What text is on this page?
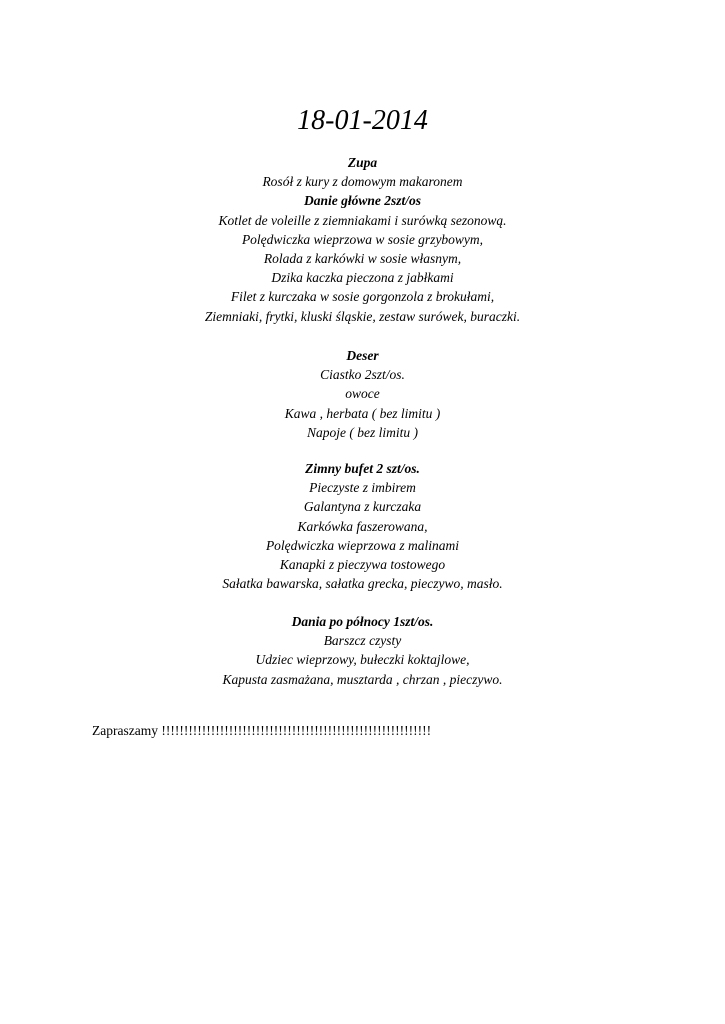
18-01-2014
Zupa
Rosół z kury z domowym makaronem
Danie główne 2szt/os
Kotlet de voleille z ziemniakami i surówką sezonową.
Polędwiczka wieprzowa w sosie grzybowym,
Rolada z karkówki w sosie własnym,
Dzika kaczka pieczona z jabłkami
Filet z kurczaka w sosie gorgonzola z brokułami,
Ziemniaki, frytki, kluski śląskie, zestaw surówek, buraczki.
Deser
Ciastko 2szt/os.
owoce
Kawa , herbata ( bez limitu )
Napoje ( bez limitu )
Zimny bufet 2 szt/os.
Pieczyste z imbirem
Galantyna z kurczaka
Karkówka faszerowana,
Polędwiczka wieprzowa z malinami
Kanapki z pieczywa tostowego
Sałatka bawarska, sałatka grecka, pieczywo, masło.
Dania po północy 1szt/os.
Barszcz czysty
Udziec wieprzowy, bułeczki koktajlowe,
Kapusta zasmażana, musztarda , chrzan , pieczywo.
Zapraszamy !!!!!!!!!!!!!!!!!!!!!!!!!!!!!!!!!!!!!!!!!!!!!!!!!!!!!!!!!!!!
